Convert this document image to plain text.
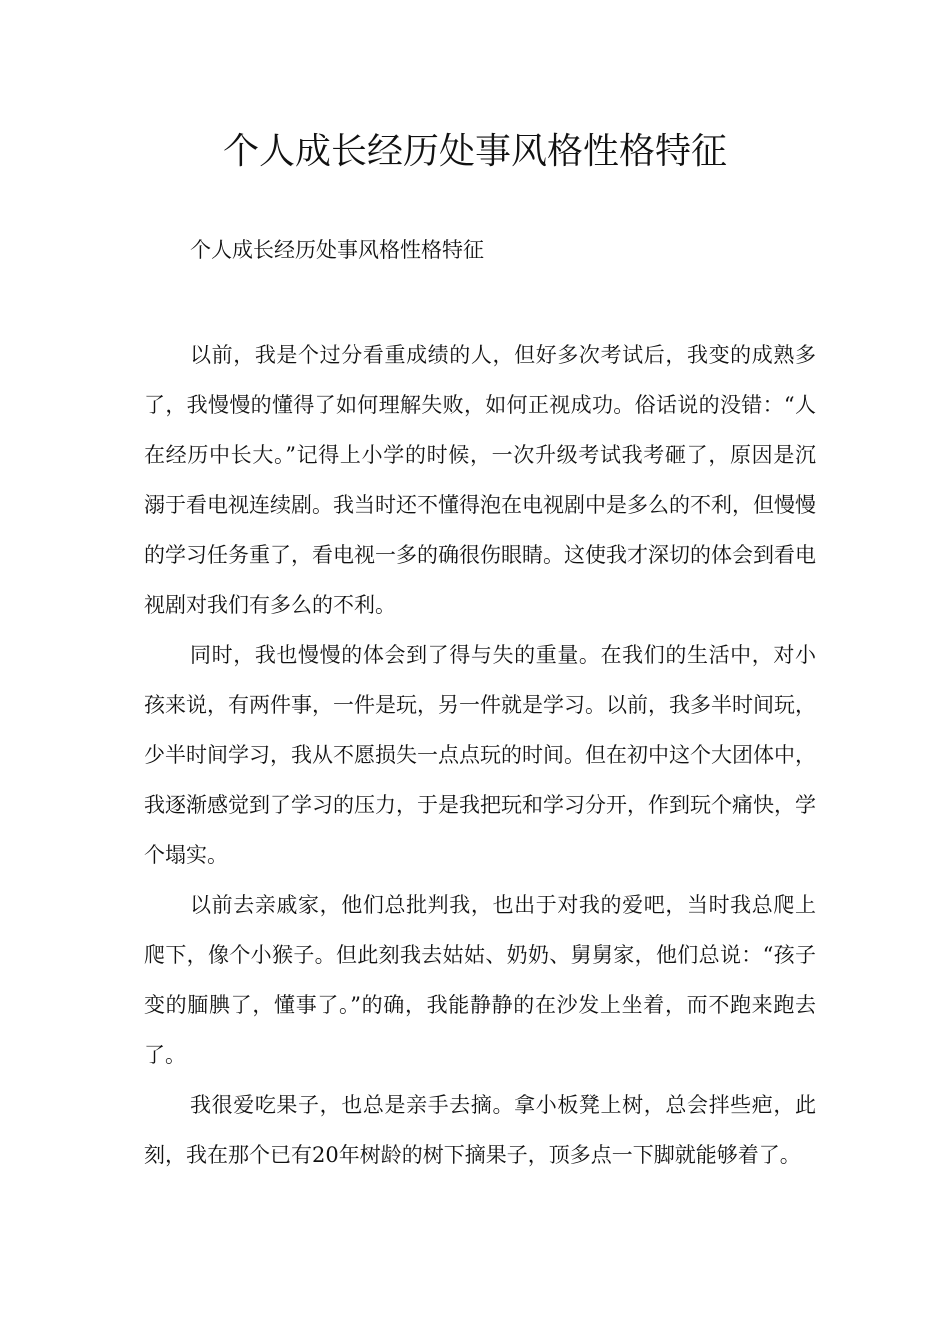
个人成长经历处事风格性格特征

个人成长经历处事风格性格特征

以前，我是个过分看重成绩的人，但好多次考试后，我变的成熟多了，我慢慢的懂得了如何理解失败，如何正视成功。俗话说的没错：“人在经历中长大。”记得上小学的时候，一次升级考试我考砸了，原因是沉溺于看电视连续剧。我当时还不懂得泡在电视剧中是多么的不利，但慢慢的学习任务重了，看电视一多的确很伤眼睛。这使我才深切的体会到看电视剧对我们有多么的不利。

同时，我也慢慢的体会到了得与失的重量。在我们的生活中，对小孩来说，有两件事，一件是玩，另一件就是学习。以前，我多半时间玩，少半时间学习，我从不愿损失一点点玩的时间。但在初中这个大团体中，我逐渐感觉到了学习的压力，于是我把玩和学习分开，作到玩个痛快，学个塌实。

以前去亲戚家，他们总批判我，也出于对我的爱吧，当时我总爬上爬下，像个小猴子。但此刻我去姑姑、奶奶、舅舅家，他们总说：“孩子变的腼腆了，懂事了。”的确，我能静静的在沙发上坐着，而不跑来跑去了。

我很爱吃果子，也总是亲手去摘。拿小板凳上树，总会拌些疤，此刻，我在那个已有20年树龄的树下摘果子，顶多点一下脚就能够着了。
